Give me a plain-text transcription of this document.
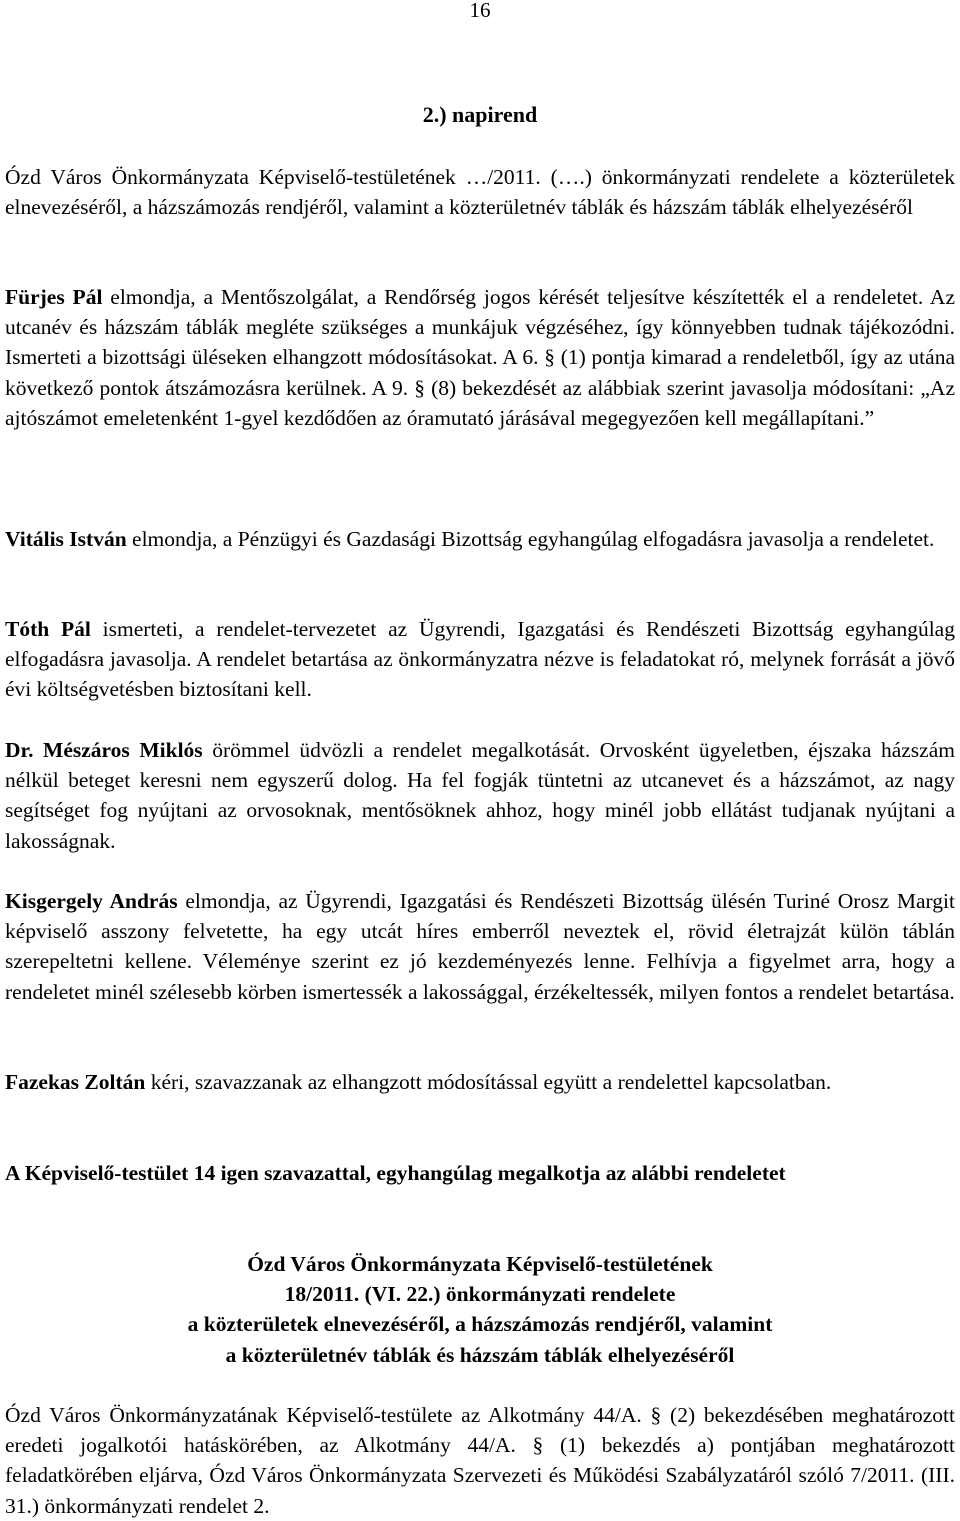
16
2.) napirend
Ózd Város Önkormányzata Képviselő-testületének …/2011. (….) önkormányzati rendelete a közterületek elnevezéséről, a házszámozás rendjéről, valamint a közterületnév táblák és házszám táblák elhelyezéséről
Fürjes Pál elmondja, a Mentőszolgálat, a Rendőrség jogos kérését teljesítve készítették el a rendeletet. Az utcanév és házszám táblák megléte szükséges a munkájuk végzéséhez, így könnyebben tudnak tájékozódni. Ismerteti a bizottsági üléseken elhangzott módosításokat. A 6. § (1) pontja kimarad a rendeletből, így az utána következő pontok átszámozásra kerülnek. A 9. § (8) bekezdését az alábbiak szerint javasolja módosítani: „Az ajtószámot emeletenként 1-gyel kezdődően az óramutató járásával megegyezően kell megállapítani.”
Vitális István elmondja, a Pénzügyi és Gazdasági Bizottság egyhangúlag elfogadásra javasolja a rendeletet.
Tóth Pál ismerteti, a rendelet-tervezetet az Ügyrendi, Igazgatási és Rendészeti Bizottság egyhangúlag elfogadásra javasolja. A rendelet betartása az önkormányzatra nézve is feladatokat ró, melynek forrását a jövő évi költségvetésben biztosítani kell.
Dr. Mészáros Miklós örömmel üdvözli a rendelet megalkotását. Orvosként ügyeletben, éjszaka házszám nélkül beteget keresni nem egyszerű dolog. Ha fel fogják tüntetni az utcanevet és a házszámot, az nagy segítséget fog nyújtani az orvosoknak, mentősöknek ahhoz, hogy minél jobb ellátást tudjanak nyújtani a lakosságnak.
Kisgergely András elmondja, az Ügyrendi, Igazgatási és Rendészeti Bizottság ülésén Turiné Orosz Margit képviselő asszony felvetette, ha egy utcát híres emberről neveztek el, rövid életrajzát külön táblán szerepeltetni kellene. Véleménye szerint ez jó kezdeményezés lenne. Felhívja a figyelmet arra, hogy a rendeletet minél szélesebb körben ismertessék a lakossággal, érzékeltessék, milyen fontos a rendelet betartása.
Fazekas Zoltán kéri, szavazzanak az elhangzott módosítással együtt a rendelettel kapcsolatban.
A Képviselő-testület 14 igen szavazattal, egyhangúlag megalkotja az alábbi rendeletet
Ózd Város Önkormányzata Képviselő-testületének
18/2011. (VI. 22.) önkormányzati rendelete
a közterületek elnevezéséről, a házszámozás rendjéről, valamint
a közterületnév táblák és házszám táblák elhelyezéséről
Ózd Város Önkormányzatának Képviselő-testülete az Alkotmány 44/A. § (2) bekezdésében meghatározott eredeti jogalkotói hatáskörében, az Alkotmány 44/A. § (1) bekezdés a) pontjában meghatározott feladatkörében eljárva, Ózd Város Önkormányzata Szervezeti és Működési Szabályzatáról szóló 7/2011. (III. 31.) önkormányzati rendelet 2.
